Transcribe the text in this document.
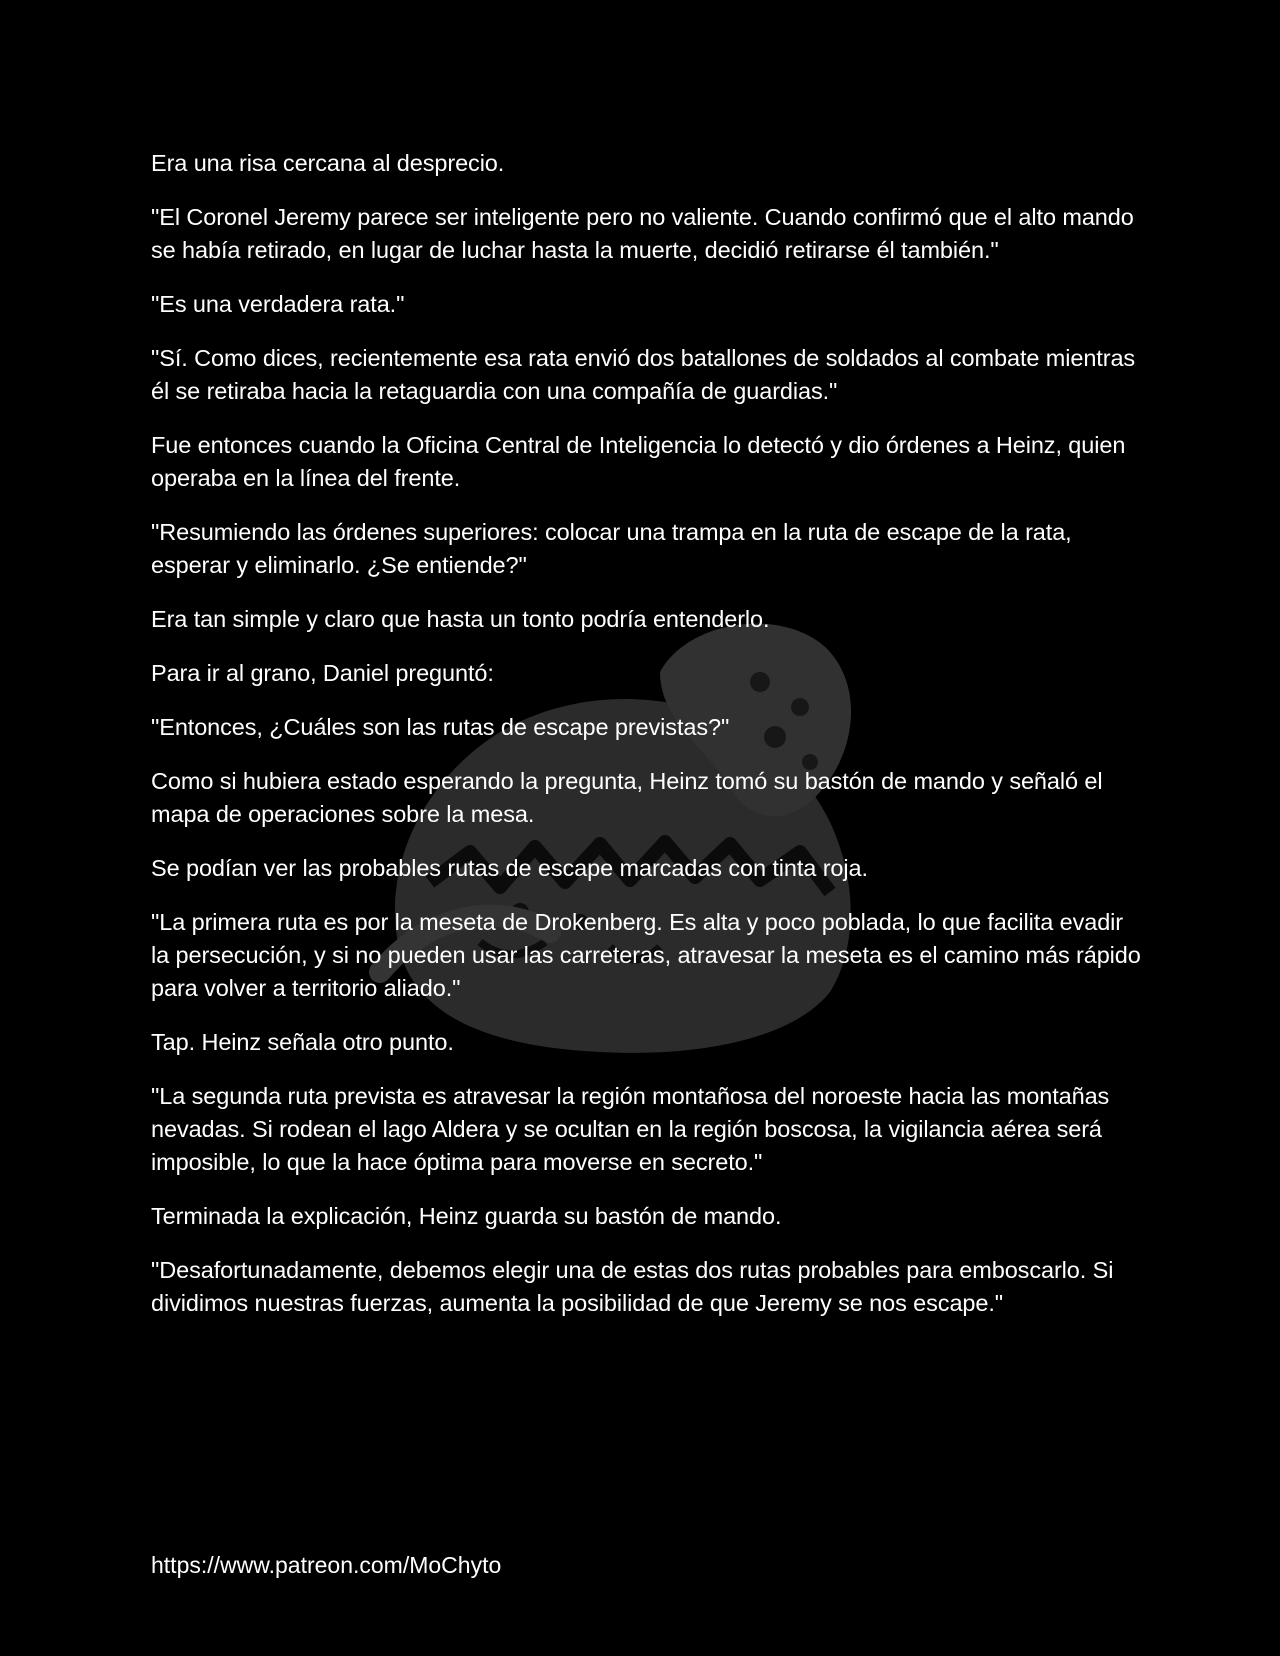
Era una risa cercana al desprecio.

"El Coronel Jeremy parece ser inteligente pero no valiente. Cuando confirmó que el alto mando se había retirado, en lugar de luchar hasta la muerte, decidió retirarse él también."

"Es una verdadera rata."

"Sí. Como dices, recientemente esa rata envió dos batallones de soldados al combate mientras él se retiraba hacia la retaguardia con una compañía de guardias."

Fue entonces cuando la Oficina Central de Inteligencia lo detectó y dio órdenes a Heinz, quien operaba en la línea del frente.

"Resumiendo las órdenes superiores: colocar una trampa en la ruta de escape de la rata, esperar y eliminarlo. ¿Se entiende?"

Era tan simple y claro que hasta un tonto podría entenderlo.

Para ir al grano, Daniel preguntó:

"Entonces, ¿Cuáles son las rutas de escape previstas?"

Como si hubiera estado esperando la pregunta, Heinz tomó su bastón de mando y señaló el mapa de operaciones sobre la mesa.

Se podían ver las probables rutas de escape marcadas con tinta roja.

"La primera ruta es por la meseta de Drokenberg. Es alta y poco poblada, lo que facilita evadir la persecución, y si no pueden usar las carreteras, atravesar la meseta es el camino más rápido para volver a territorio aliado."

Tap. Heinz señala otro punto.

"La segunda ruta prevista es atravesar la región montañosa del noroeste hacia las montañas nevadas. Si rodean el lago Aldera y se ocultan en la región boscosa, la vigilancia aérea será imposible, lo que la hace óptima para moverse en secreto."

Terminada la explicación, Heinz guarda su bastón de mando.

"Desafortunadamente, debemos elegir una de estas dos rutas probables para emboscarlo. Si dividimos nuestras fuerzas, aumenta la posibilidad de que Jeremy se nos escape."

https://www.patreon.com/MoChyto
